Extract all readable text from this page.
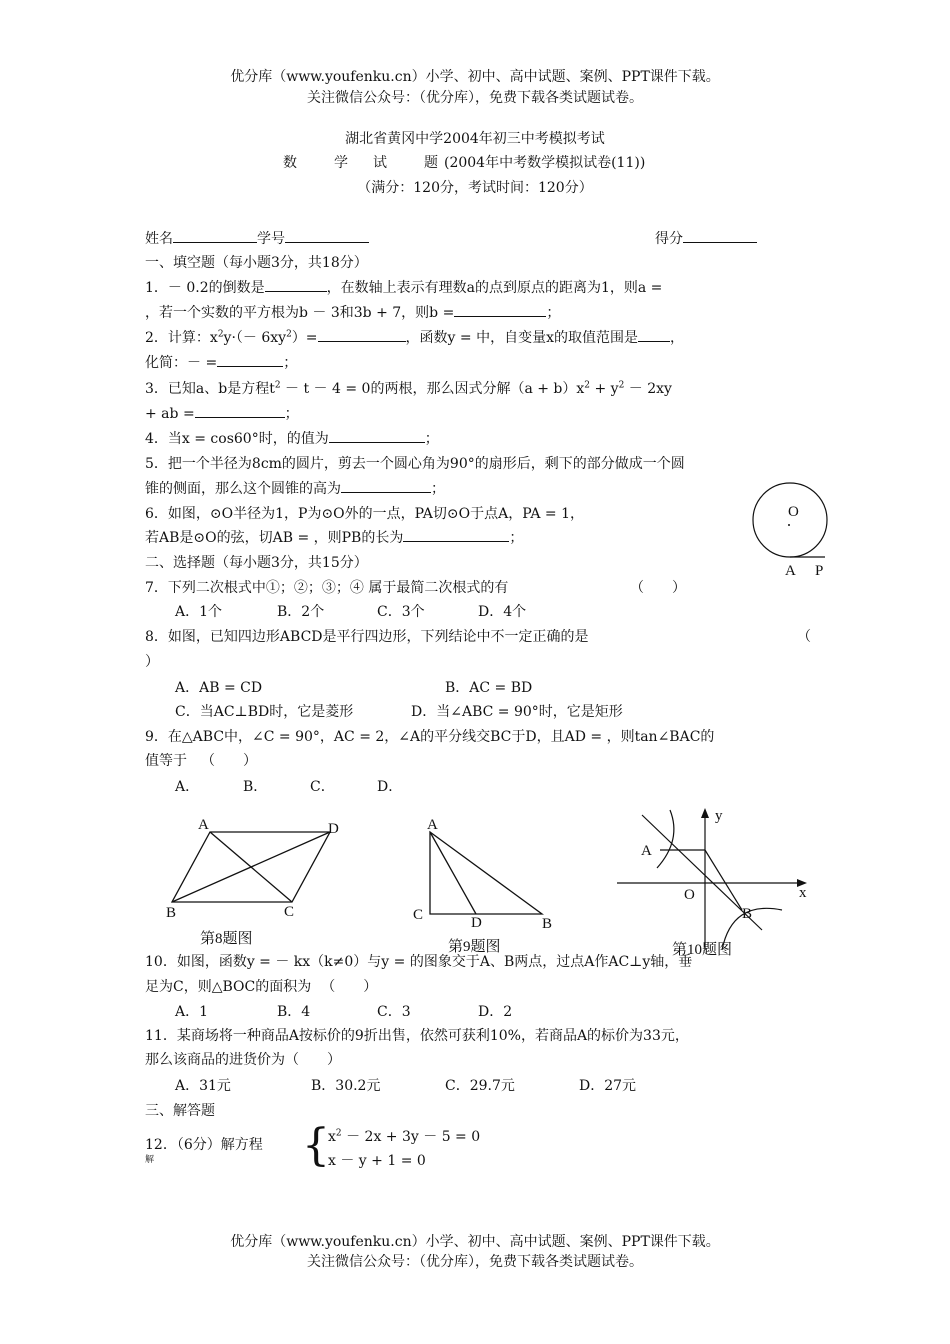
优分库（www.youfenku.cn）小学、初中、高中试题、案例、PPT课件下载。
关注微信公众号：（优分库），免费下载各类试题试卷。
湖北省黄冈中学2004年初三中考模拟考试
数	学 试	题 (2004年中考数学模拟试卷(11))
（满分：120分，考试时间：120分）
姓名	学号	得分
一、填空题（每小题3分，共18分）
1．－ 0.2的倒数是	，在数轴上表示有理数a的点到原点的距离为1，则a =
，若一个实数的平方根为b － 3和3b + 7，则b =	；
2．计算：$x^2y\cdot(- 6xy^2)=$	，函数y = 中，自变量x的取值范围是 ，
化简：－ =	；
3．已知a、b是方程$t^2 - t - 4 = 0$的两根，那么因式分解$(a + b)x^2 + y^2 - 2xy$
+ ab =	；
4．当x = cos60°时，的值为	；
5．把一个半径为8cm的圆片，剪去一个圆心角为90°的扇形后，剩下的部分做成一个圆
锥的侧面，那么这个圆锥的高为	；
6．如图，⊙O半径为1，P为⊙O外的一点，PA切⊙O于点A，PA = 1，
若AB是⊙O的弦，切AB = ，则PB的长为	；
O
A P
二、选择题（每小题3分，共15分）
7．下列二次根式中①；②；③；④ 属于最简二次根式的有	（　　）
A．1个	B．2个	C．3个	D．4个
8．如图，已知四边形ABCD是平行四边形，下列结论中不一定正确的是	（
）
A．AB = CD	B．AC = BD
C．当AC⊥BD时，它是菱形	D．当∠ABC = 90°时，它是矩形
9．在△ABC中，∠C = 90°，AC = 2，∠A的平分线交BC于D，且AD = ，则tan∠BAC的
值等于 （　　）
A．	B．	C．	D．
A	D
B	C
第8题图
A
C	D	B
第9题图
A
O
B
x
y
第10题图
10．如图，函数y = － kx（k≠0）与y = 的图象交于A、B两点，过点A作AC⊥y轴，垂
足为C，则△BOC的面积为 （　　）
A．1	B．4	C．3	D．2
11．某商场将一种商品A按标价的9折出售，依然可获利10%，若商品A的标价为33元，
那么该商品的进货价为（　　）
A．31元	B．30.2元	C．29.7元	D．27元
三、解答题
12．（6分）解方程 {
$x^2 - 2x + 3y - 5 = 0$
x － y + 1 = 0
解
优分库（www.youfenku.cn）小学、初中、高中试题、案例、PPT课件下载。
关注微信公众号：（优分库），免费下载各类试题试卷。
